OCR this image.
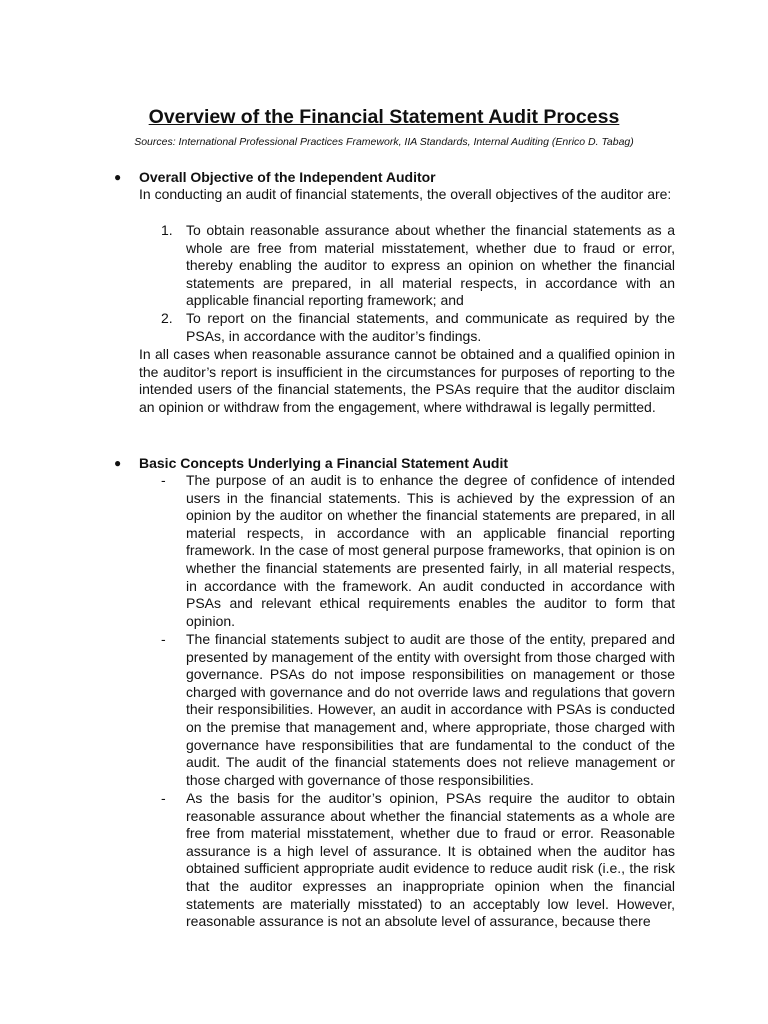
Overview of the Financial Statement Audit Process

Sources: International Professional Practices Framework, IIA Standards, Internal Auditing (Enrico D. Tabag)

● Overall Objective of the Independent Auditor

In conducting an audit of financial statements, the overall objectives of the auditor are:

1. To obtain reasonable assurance about whether the financial statements as a whole are free from material misstatement, whether due to fraud or error, thereby enabling the auditor to express an opinion on whether the financial statements are prepared, in all material respects, in accordance with an applicable financial reporting framework; and

2. To report on the financial statements, and communicate as required by the PSAs, in accordance with the auditor’s findings.

In all cases when reasonable assurance cannot be obtained and a qualified opinion in the auditor’s report is insufficient in the circumstances for purposes of reporting to the intended users of the financial statements, the PSAs require that the auditor disclaim an opinion or withdraw from the engagement, where withdrawal is legally permitted.

● Basic Concepts Underlying a Financial Statement Audit
- The purpose of an audit is to enhance the degree of confidence of intended users in the financial statements. This is achieved by the expression of an opinion by the auditor on whether the financial statements are prepared, in all material respects, in accordance with an applicable financial reporting framework. In the case of most general purpose frameworks, that opinion is on whether the financial statements are presented fairly, in all material respects, in accordance with the framework. An audit conducted in accordance with PSAs and relevant ethical requirements enables the auditor to form that opinion.

- The financial statements subject to audit are those of the entity, prepared and presented by management of the entity with oversight from those charged with governance. PSAs do not impose responsibilities on management or those charged with governance and do not override laws and regulations that govern their responsibilities. However, an audit in accordance with PSAs is conducted on the premise that management and, where appropriate, those charged with governance have responsibilities that are fundamental to the conduct of the audit. The audit of the financial statements does not relieve management or those charged with governance of those responsibilities.

- As the basis for the auditor’s opinion, PSAs require the auditor to obtain reasonable assurance about whether the financial statements as a whole are free from material misstatement, whether due to fraud or error. Reasonable assurance is a high level of assurance. It is obtained when the auditor has obtained sufficient appropriate audit evidence to reduce audit risk (i.e., the risk that the auditor expresses an inappropriate opinion when the financial statements are materially misstated) to an acceptably low level. However, reasonable assurance is not an absolute level of assurance, because there
